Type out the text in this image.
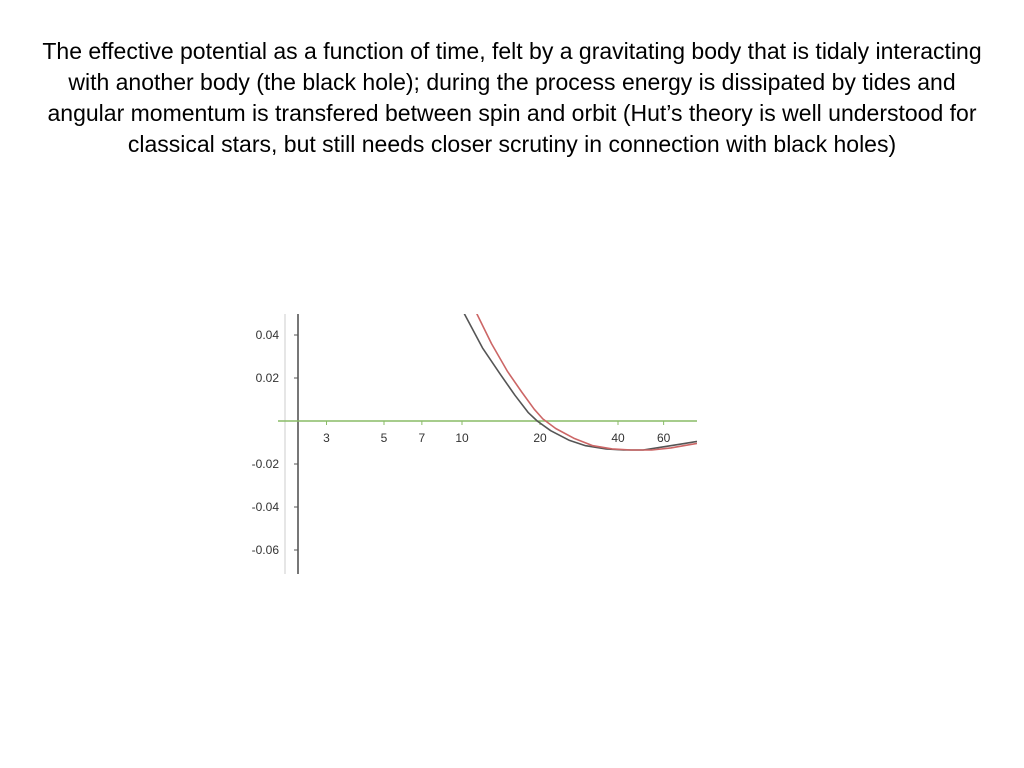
The effective potential as a function of time, felt by a gravitating body that is tidaly interacting with another body (the black hole); during the process energy is dissipated by tides and angular momentum is transfered between spin and orbit (Hut’s theory is well understood for classical stars, but still needs closer scrutiny in connection with black holes)

0.04
0.02
-0.02
-0.04
-0.06
3	5	7	10	20	40	60
